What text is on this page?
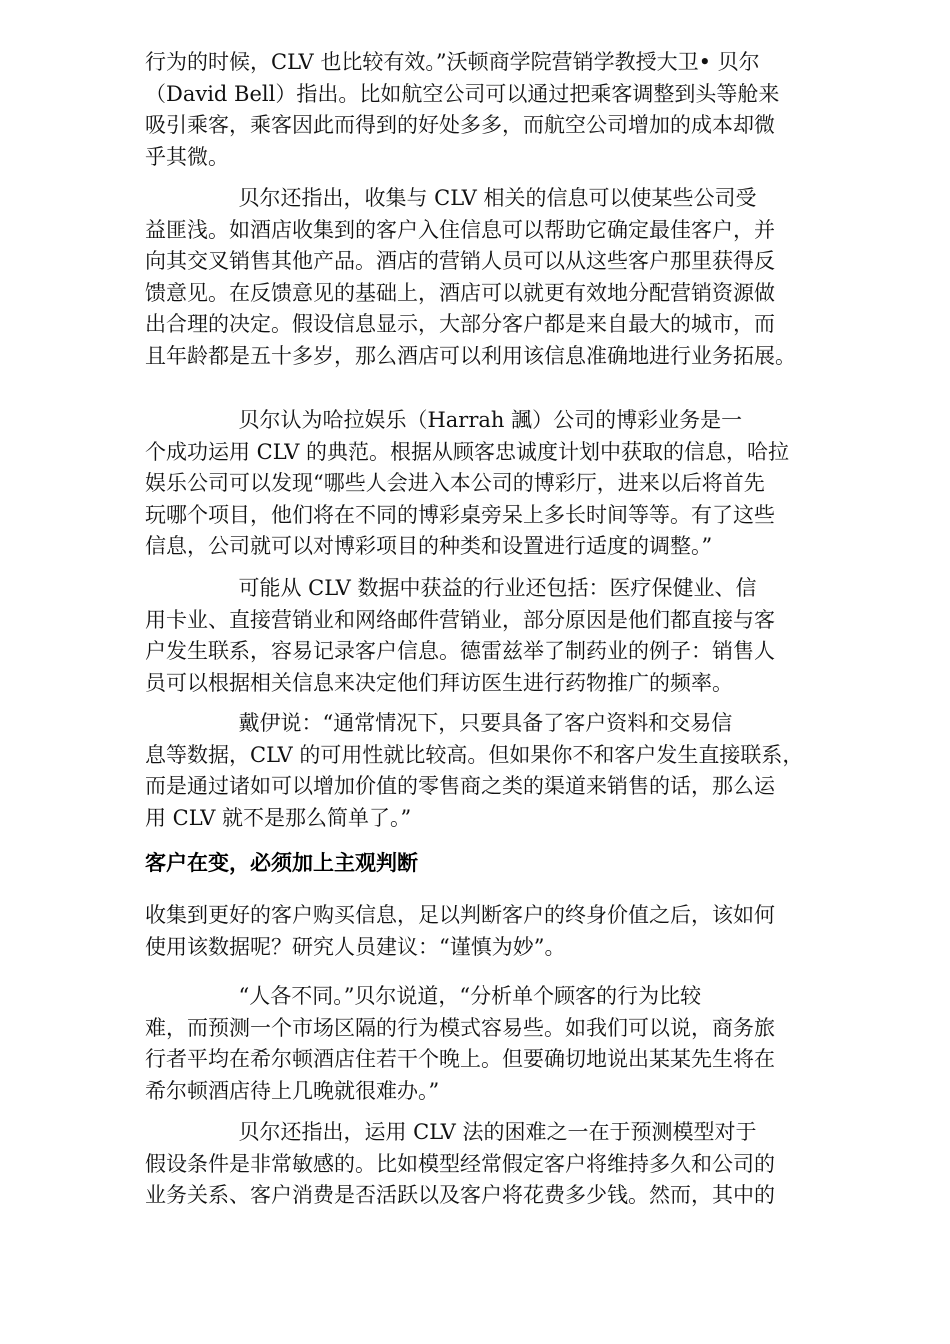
行为的时候，CLV 也比较有效。”沃顿商学院营销学教授大卫• 贝尔
（David Bell）指出。比如航空公司可以通过把乘客调整到头等舱来
吸引乘客，乘客因此而得到的好处多多，而航空公司增加的成本却微
乎其微。

贝尔还指出，收集与 CLV 相关的信息可以使某些公司受
益匪浅。如酒店收集到的客户入住信息可以帮助它确定最佳客户，并
向其交叉销售其他产品。酒店的营销人员可以从这些客户那里获得反
馈意见。在反馈意见的基础上，酒店可以就更有效地分配营销资源做
出合理的决定。假设信息显示，大部分客户都是来自最大的城市，而
且年龄都是五十多岁，那么酒店可以利用该信息准确地进行业务拓展。

贝尔认为哈拉娱乐（Harrah 諷）公司的博彩业务是一
个成功运用 CLV 的典范。根据从顾客忠诚度计划中获取的信息，哈拉
娱乐公司可以发现“哪些人会进入本公司的博彩厅，进来以后将首先
玩哪个项目，他们将在不同的博彩桌旁呆上多长时间等等。有了这些
信息，公司就可以对博彩项目的种类和设置进行适度的调整。”

可能从 CLV 数据中获益的行业还包括：医疗保健业、信
用卡业、直接营销业和网络邮件营销业，部分原因是他们都直接与客
户发生联系，容易记录客户信息。德雷兹举了制药业的例子：销售人
员可以根据相关信息来决定他们拜访医生进行药物推广的频率。

戴伊说：“通常情况下，只要具备了客户资料和交易信
息等数据，CLV 的可用性就比较高。但如果你不和客户发生直接联系，
而是通过诸如可以增加价值的零售商之类的渠道来销售的话，那么运
用 CLV 就不是那么简单了。”

客户在变，必须加上主观判断

收集到更好的客户购买信息，足以判断客户的终身价值之后，该如何
使用该数据呢？研究人员建议：“谨慎为妙”。

“人各不同。”贝尔说道，“分析单个顾客的行为比较
难，而预测一个市场区隔的行为模式容易些。如我们可以说，商务旅
行者平均在希尔顿酒店住若干个晚上。但要确切地说出某某先生将在
希尔顿酒店待上几晚就很难办。”

贝尔还指出，运用 CLV 法的困难之一在于预测模型对于
假设条件是非常敏感的。比如模型经常假定客户将维持多久和公司的
业务关系、客户消费是否活跃以及客户将花费多少钱。然而，其中的
